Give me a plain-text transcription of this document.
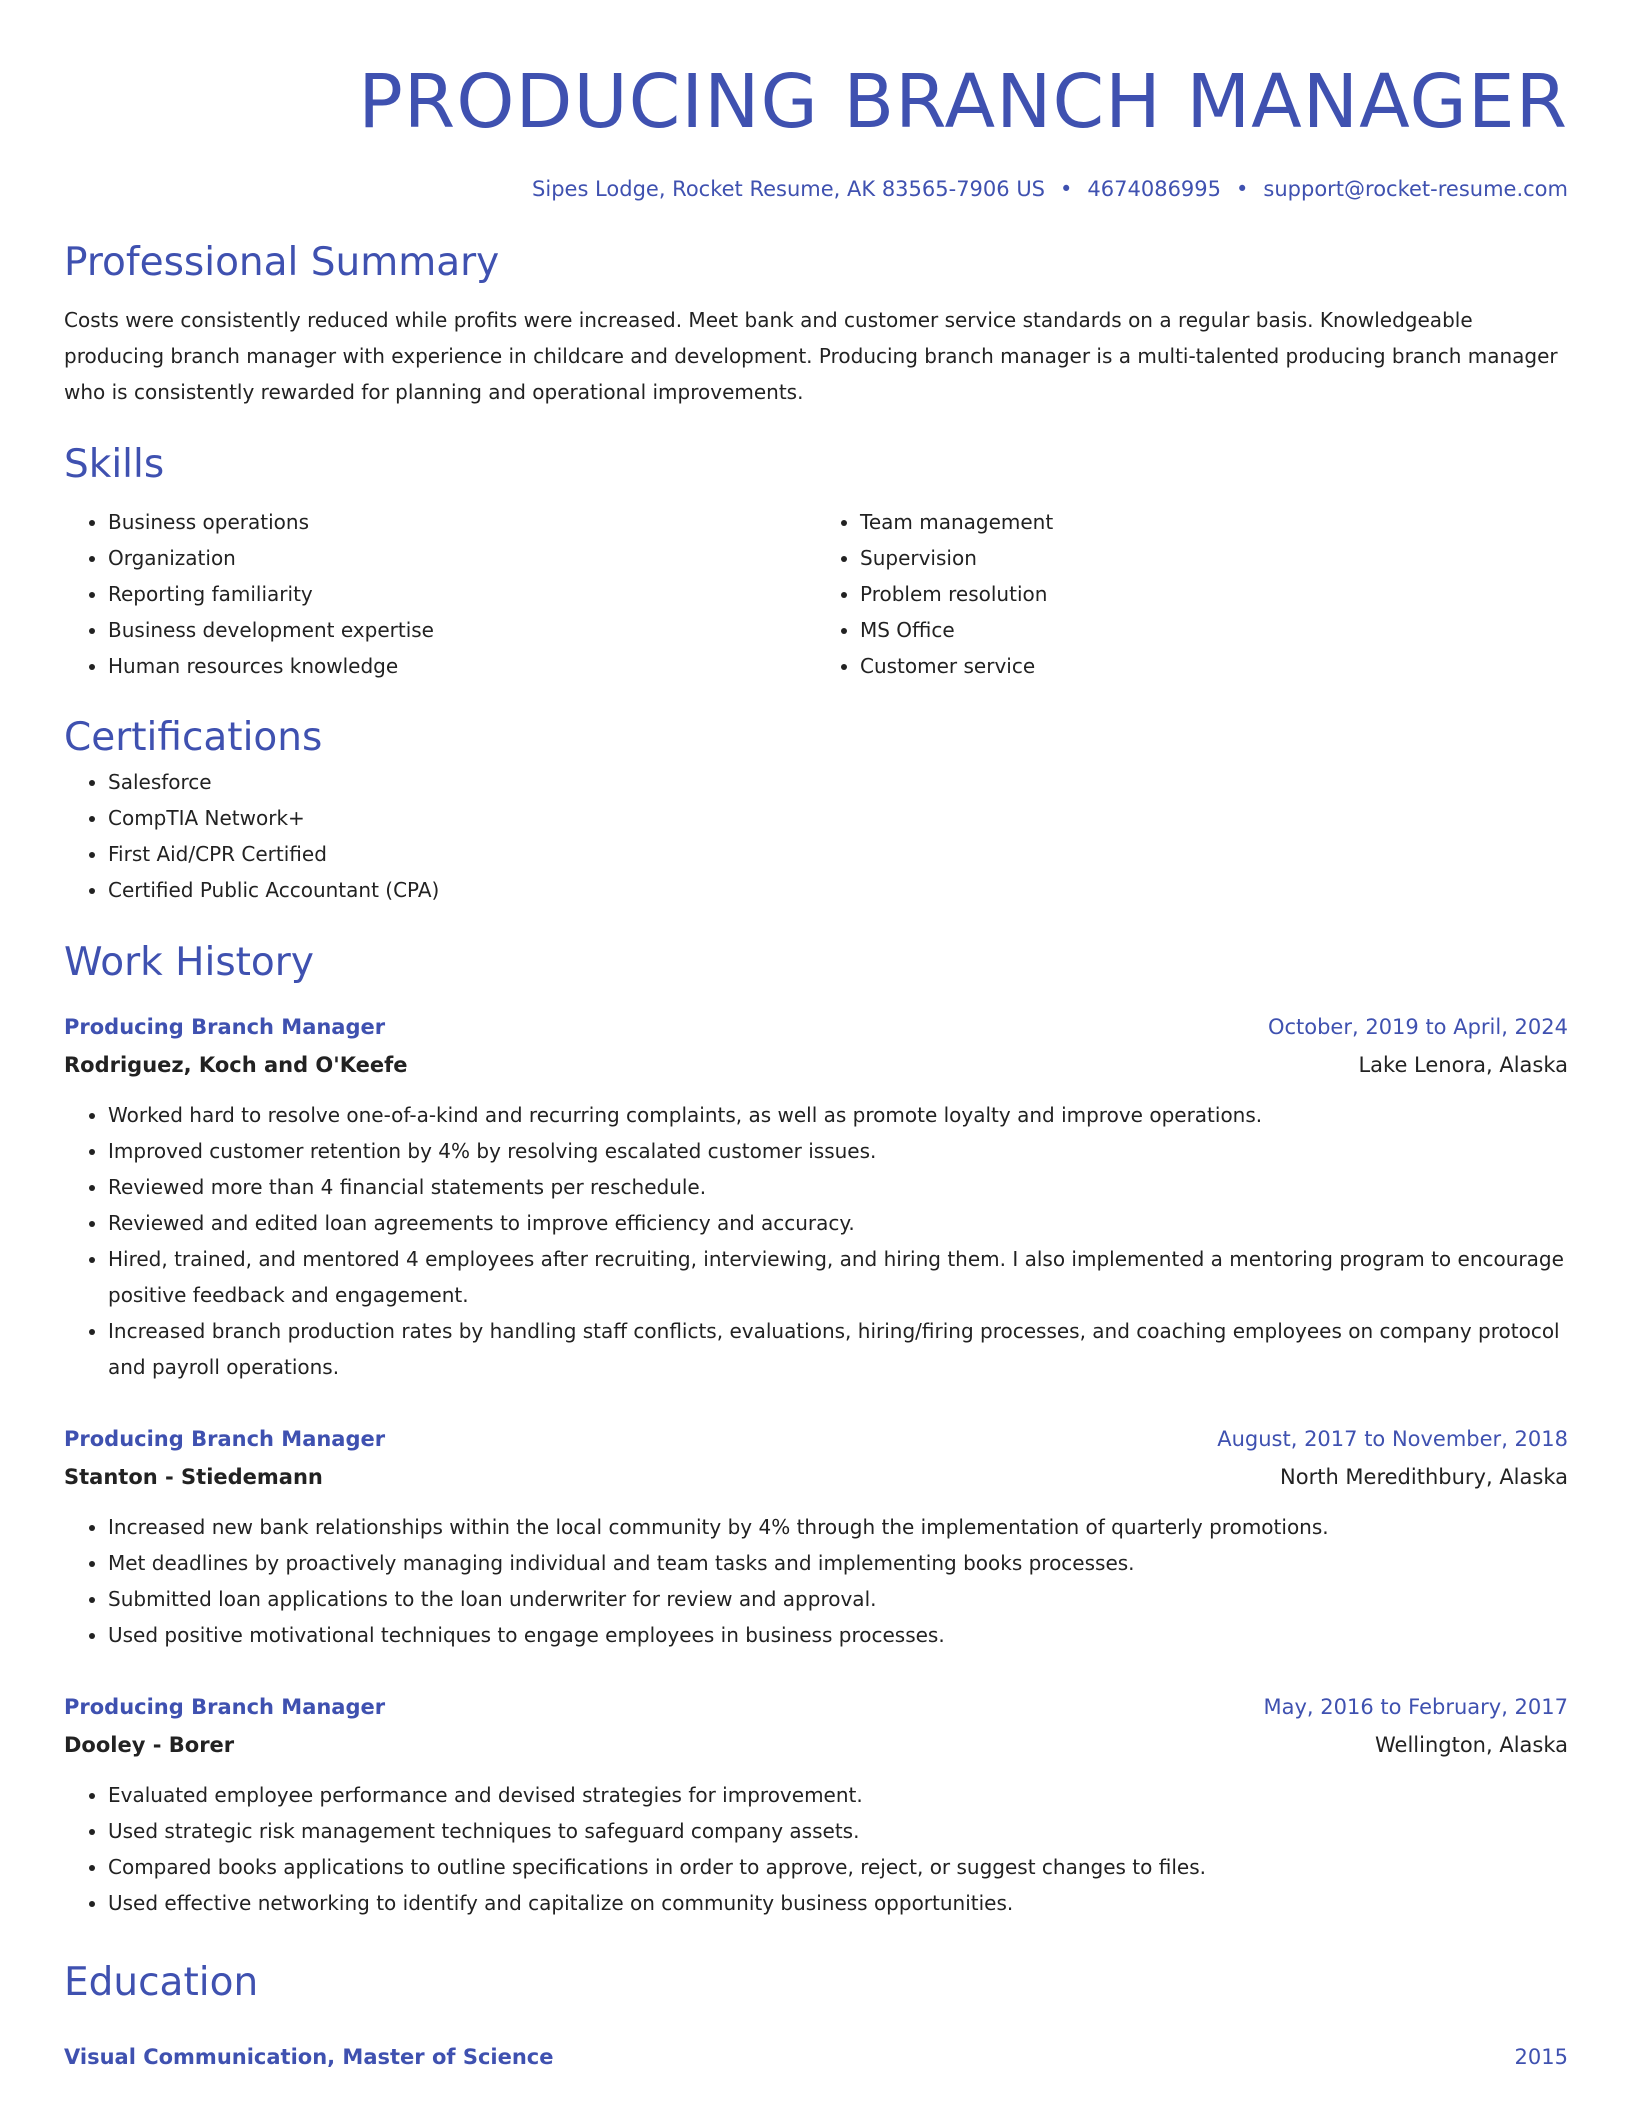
PRODUCING BRANCH MANAGER
Sipes Lodge, Rocket Resume, AK 83565-7906 US • 4674086995 • support@rocket-resume.com
Professional Summary
Costs were consistently reduced while profits were increased. Meet bank and customer service standards on a regular basis. Knowledgeable producing branch manager with experience in childcare and development. Producing branch manager is a multi-talented producing branch manager who is consistently rewarded for planning and operational improvements.
Skills
• Business operations
• Organization
• Reporting familiarity
• Business development expertise
• Human resources knowledge
• Team management
• Supervision
• Problem resolution
• MS Office
• Customer service
Certifications
• Salesforce
• CompTIA Network+
• First Aid/CPR Certified
• Certified Public Accountant (CPA)
Work History
Producing Branch Manager	October, 2019 to April, 2024
Rodriguez, Koch and O'Keefe	Lake Lenora, Alaska
• Worked hard to resolve one-of-a-kind and recurring complaints, as well as promote loyalty and improve operations.
• Improved customer retention by 4% by resolving escalated customer issues.
• Reviewed more than 4 financial statements per reschedule.
• Reviewed and edited loan agreements to improve efficiency and accuracy.
• Hired, trained, and mentored 4 employees after recruiting, interviewing, and hiring them. I also implemented a mentoring program to encourage positive feedback and engagement.
• Increased branch production rates by handling staff conflicts, evaluations, hiring/firing processes, and coaching employees on company protocol and payroll operations.
Producing Branch Manager	August, 2017 to November, 2018
Stanton - Stiedemann	North Meredithbury, Alaska
• Increased new bank relationships within the local community by 4% through the implementation of quarterly promotions.
• Met deadlines by proactively managing individual and team tasks and implementing books processes.
• Submitted loan applications to the loan underwriter for review and approval.
• Used positive motivational techniques to engage employees in business processes.
Producing Branch Manager	May, 2016 to February, 2017
Dooley - Borer	Wellington, Alaska
• Evaluated employee performance and devised strategies for improvement.
• Used strategic risk management techniques to safeguard company assets.
• Compared books applications to outline specifications in order to approve, reject, or suggest changes to files.
• Used effective networking to identify and capitalize on community business opportunities.
Education
Visual Communication, Master of Science	2015
